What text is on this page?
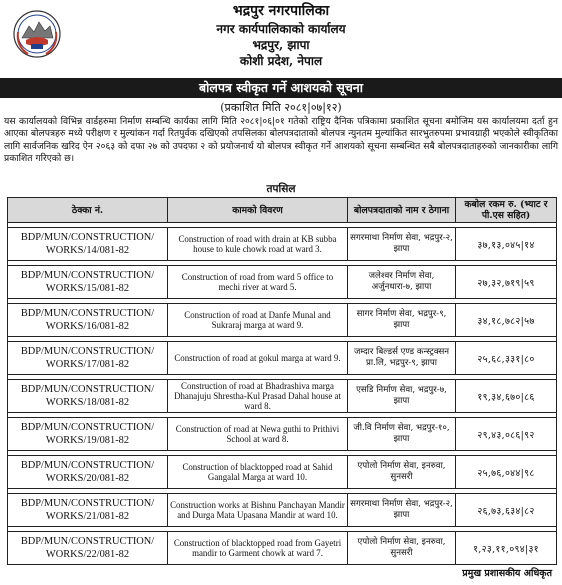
भद्रपुर नगरपालिका
नगर कार्यपालिकाको कार्यालय
भद्रपुर, झापा
कोशी प्रदेश, नेपाल
बोलपत्र स्वीकृत गर्ने आशयको सूचना
(प्रकाशित मिति २०८१|०७|१२)
यस कार्यालयको विभिन्न वार्डहरुमा निर्माण सम्बन्धि कार्यका लागि मिति २०८१|०६|०१ गतेको राष्ट्रिय दैनिक पत्रिकामा प्रकाशित सूचना बमोजिम यस कार्यालयमा दर्ता हुन आएका बोलपत्रहरु मध्ये परीक्षण र मुल्यांकन गर्दा रितपुर्वक दखिएको तपसिलका बोलपत्रदाताको बोलपत्र न्युनतम मुल्यांकित सारभुतरुपमा प्रभावग्राही भएकोले स्वीकृतिका लागि सार्वजनिक खरिद ऐन २०६३ को दफा २७ को उपदफा २ को प्रयोजनार्थ यो बोलपत्र स्वीकृत गर्ने आशयको सूचना सम्बन्धित सबै बोलपत्रदाताहरुको जानकारीका लागि प्रकाशित गरिएको छ।
तपसिल
ठेक्का नं.	कामको विवरण	बोलपत्रदाताको नाम र ठेगाना	कबोल रकम रु. (भ्याट र पी.एस सहित)

BDP/MUN/CONSTRUCTION/ WORKS/14/081-82	Construction of road with drain at KB subba house to kule chowk road at ward 3.	सगरमाथा निर्माण सेवा, भद्रपुर-२, झापा	३७,१३,०४५|१४

BDP/MUN/CONSTRUCTION/ WORKS/15/081-82	Construction of road from ward 5 office to mechi river at ward 5.	जलेश्वर निर्माण सेवा, अर्जुनधारा-७, झापा	२७,३२,७१९|५९

BDP/MUN/CONSTRUCTION/ WORKS/16/081-82	Construction of road at Danfe Munal and Sukraraj marga at ward 9.	सागर निर्माण सेवा, भद्रपुर-९, झापा	३४,१८,७८२|५७

BDP/MUN/CONSTRUCTION/ WORKS/17/081-82	Construction of road at gokul marga at ward 9.	जम्दार बिल्डर्स एण्ड कन्स्ट्रक्सन प्रा.लि, भद्रपुर-९, झापा	२५,६८,३३१|८०

BDP/MUN/CONSTRUCTION/ WORKS/18/081-82	Construction of road at Bhadrashiva marga Dhanajuju Shrestha-Kul Prasad Dahal house at ward 8.	एसडि निर्माण सेवा, भद्रपुर-७, झापा	१९,३४,६७०|८६

BDP/MUN/CONSTRUCTION/ WORKS/19/081-82	Construction of road at Newa guthi to Prithivi School at ward 8.	जी.वि निर्माण सेवा, भद्रपुर-१०, झापा	२९,४३,०८६|९२

BDP/MUN/CONSTRUCTION/ WORKS/20/081-82	Construction of blacktopped road at Sahid Gangalal Marga at ward 10.	एपोलो निर्माण सेवा, इनरुवा, सुनसरी	२५,७६,०४४|९८

BDP/MUN/CONSTRUCTION/ WORKS/21/081-82	Construction works at Bishnu Panchayan Mandir and Durga Mata Upasana Mandir at ward 10.	सगरमाथा निर्माण सेवा, भद्रपुर-२, झापा	२६,७३,६३४|८२

BDP/MUN/CONSTRUCTION/ WORKS/22/081-82	Construction of blacktopped road from Gayetri mandir to Garment chowk at ward 7.	एपोलो निर्माण सेवा, इनरुवा, सुनसरी	१,२३,११,०९४|३१
प्रमुख प्रशासकीय अधिकृत
